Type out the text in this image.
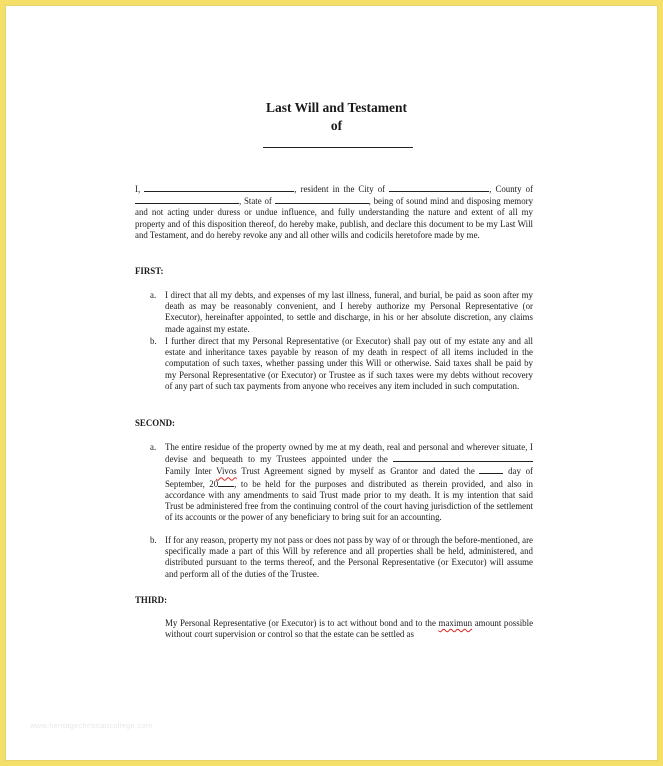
Last Will and Testament
of
I,	, resident in the City of	, County of , State of	, being of sound mind and disposing memory and not acting under duress or undue influence, and fully understanding the nature and extent of all my property and of this disposition thereof, do hereby make, publish, and declare this document to be my Last Will and Testament, and do hereby revoke any and all other wills and codicils heretofore made by me.
FIRST:
a. I direct that all my debts, and expenses of my last illness, funeral, and burial, be paid as soon after my death as may be reasonably convenient, and I hereby authorize my Personal Representative (or Executor), hereinafter appointed, to settle and discharge, in his or her absolute discretion, any claims made against my estate.
b. I further direct that my Personal Representative (or Executor) shall pay out of my estate any and all estate and inheritance taxes payable by reason of my death in respect of all items included in the computation of such taxes, whether passing under this Will or otherwise. Said taxes shall be paid by my Personal Representative (or Executor) or Trustee as if such taxes were my debts without recovery of any part of such tax payments from anyone who receives any item included in such computation.
SECOND:
a. The entire residue of the property owned by me at my death, real and personal and wherever situate, I devise and bequeath to my Trustees appointed under the  Family Inter Vivos Trust Agreement signed by myself as Grantor and dated the	day of September, 20 , to be held for the purposes and distributed as therein provided, and also in accordance with any amendments to said Trust made prior to my death. It is my intention that said Trust be administered free from the continuing control of the court having jurisdiction of the settlement of its accounts or the power of any beneficiary to bring suit for an accounting.
b. If for any reason, property my not pass or does not pass by way of or through the before-mentioned, are specifically made a part of this Will by reference and all properties shall be held, administered, and distributed pursuant to the terms thereof, and the Personal Representative (or Executor) will assume and perform all of the duties of the Trustee.
THIRD:
My Personal Representative (or Executor) is to act without bond and to the maximun amount possible without court supervision or control so that the estate can be settled as
www.heritagechristiancollege.com
